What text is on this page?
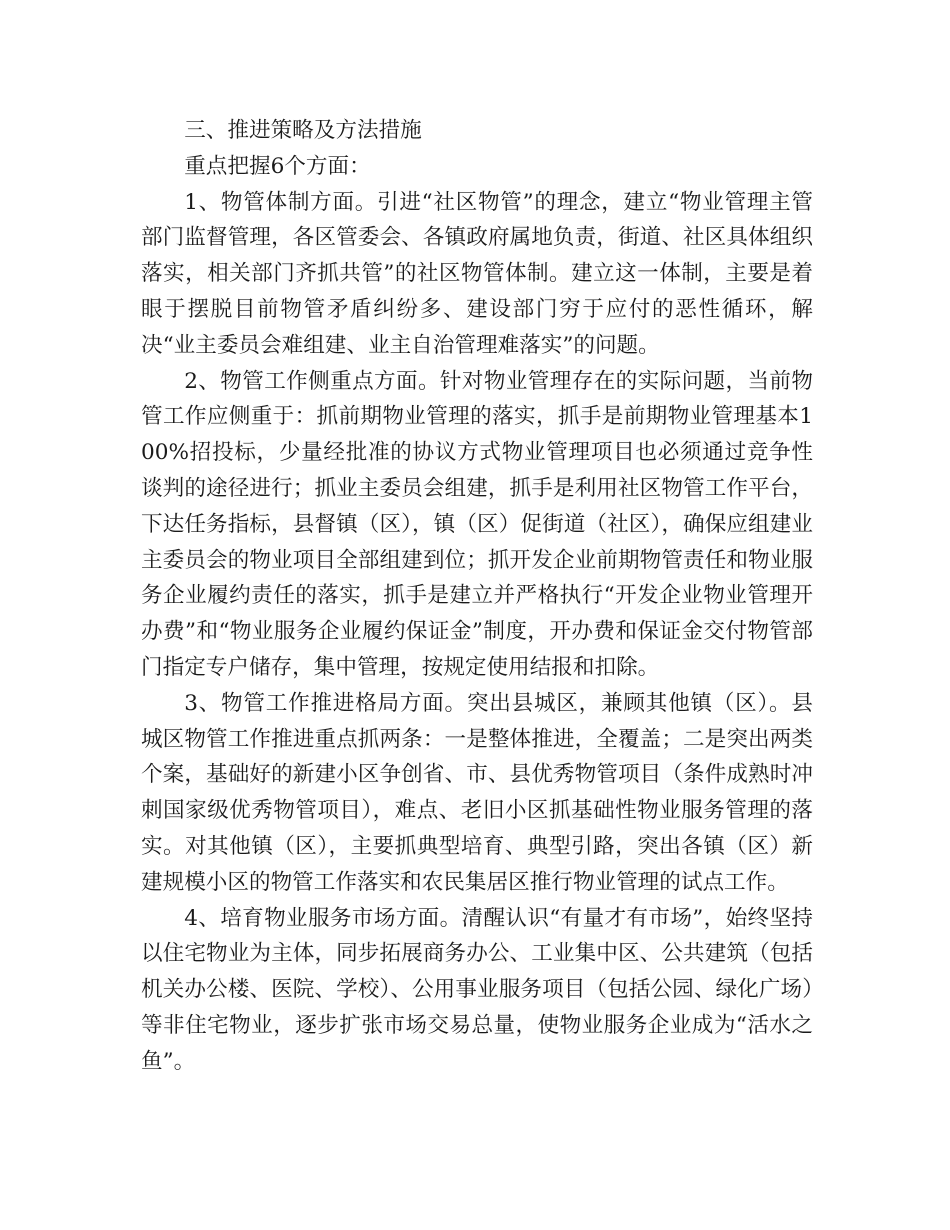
三、推进策略及方法措施

重点把握6个方面：

1、物管体制方面。引进“社区物管”的理念，建立“物业管理主管部门监督管理，各区管委会、各镇政府属地负责，街道、社区具体组织落实，相关部门齐抓共管”的社区物管体制。建立这一体制，主要是着眼于摆脱目前物管矛盾纠纷多、建设部门穷于应付的恶性循环，解决“业主委员会难组建、业主自治管理难落实”的问题。

2、物管工作侧重点方面。针对物业管理存在的实际问题，当前物管工作应侧重于：抓前期物业管理的落实，抓手是前期物业管理基本100%招投标，少量经批准的协议方式物业管理项目也必须通过竞争性谈判的途径进行；抓业主委员会组建，抓手是利用社区物管工作平台，下达任务指标，县督镇（区），镇（区）促街道（社区），确保应组建业主委员会的物业项目全部组建到位；抓开发企业前期物管责任和物业服务企业履约责任的落实，抓手是建立并严格执行“开发企业物业管理开办费”和“物业服务企业履约保证金”制度，开办费和保证金交付物管部门指定专户储存，集中管理，按规定使用结报和扣除。

3、物管工作推进格局方面。突出县城区，兼顾其他镇（区）。县城区物管工作推进重点抓两条：一是整体推进，全覆盖；二是突出两类个案，基础好的新建小区争创省、市、县优秀物管项目（条件成熟时冲刺国家级优秀物管项目），难点、老旧小区抓基础性物业服务管理的落实。对其他镇（区），主要抓典型培育、典型引路，突出各镇（区）新建规模小区的物管工作落实和农民集居区推行物业管理的试点工作。

4、培育物业服务市场方面。清醒认识“有量才有市场”，始终坚持以住宅物业为主体，同步拓展商务办公、工业集中区、公共建筑（包括机关办公楼、医院、学校）、公用事业服务项目（包括公园、绿化广场）等非住宅物业，逐步扩张市场交易总量，使物业服务企业成为“活水之鱼”。
